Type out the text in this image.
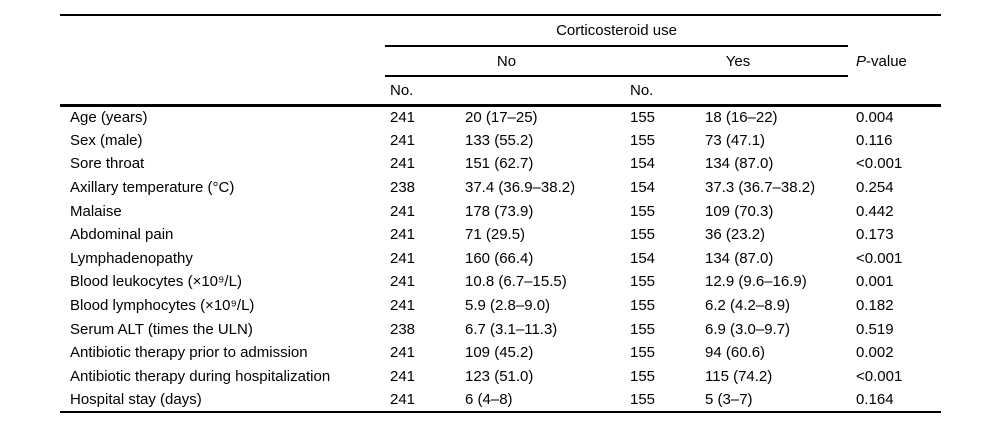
	Corticosteroid use				
	No		Yes		P-value
	No.		No.		
Age (years)	241	20 (17–25)	155	18 (16–22)	0.004
Sex (male)	241	133 (55.2)	155	73 (47.1)	0.116
Sore throat	241	151 (62.7)	154	134 (87.0)	<0.001
Axillary temperature (°C)	238	37.4 (36.9–38.2)	154	37.3 (36.7–38.2)	0.254
Malaise	241	178 (73.9)	155	109 (70.3)	0.442
Abdominal pain	241	71 (29.5)	155	36 (23.2)	0.173
Lymphadenopathy	241	160 (66.4)	154	134 (87.0)	<0.001
Blood leukocytes (×10⁹/L)	241	10.8 (6.7–15.5)	155	12.9 (9.6–16.9)	0.001
Blood lymphocytes (×10⁹/L)	241	5.9 (2.8–9.0)	155	6.2 (4.2–8.9)	0.182
Serum ALT (times the ULN)	238	6.7 (3.1–11.3)	155	6.9 (3.0–9.7)	0.519
Antibiotic therapy prior to admission	241	109 (45.2)	155	94 (60.6)	0.002
Antibiotic therapy during hospitalization	241	123 (51.0)	155	115 (74.2)	<0.001
Hospital stay (days)	241	6 (4–8)	155	5 (3–7)	0.164
